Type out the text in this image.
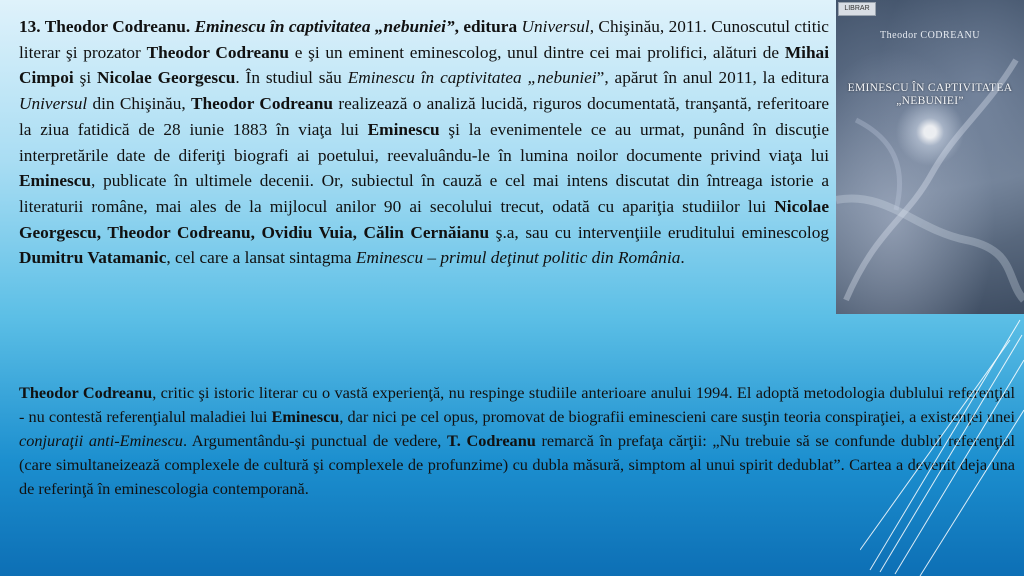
13. Theodor Codreanu. Eminescu în captivitatea „nebuniei”, editura Universul, Chişinău, 2011. Cunoscutul ctitic literar şi prozator Theodor Codreanu e şi un eminent eminescolog, unul dintre cei mai prolifici, alături de Mihai Cimpoi şi Nicolae Georgescu. În studiul său Eminescu în captivitatea „nebuniei”, apărut în anul 2011, la editura Universul din Chişinău, Theodor Codreanu realizează o analiză lucidă, riguros documentată, tranşantă, referitoare la ziua fatidică de 28 iunie 1883 în viaţa lui Eminescu şi la evenimentele ce au urmat, punând în discuţie interpretările date de diferiţi biografi ai poetului, reevaluându-le în lumina noilor documente privind viaţa lui Eminescu, publicate în ultimele decenii. Or, subiectul în cauză e cel mai intens discutat din întreaga istorie a literaturii române, mai ales de la mijlocul anilor 90 ai secolului trecut, odată cu apariţia studiilor lui Nicolae Georgescu, Theodor Codreanu, Ovidiu Vuia, Călin Cernăianu ş.a, sau cu intervenţiile eruditului eminescolog Dumitru Vatamanic, cel care a lansat sintagma Eminescu – primul deţinut politic din România.

Theodor Codreanu, critic şi istoric literar cu o vastă experienţă, nu respinge studiile anterioare anului 1994. El adoptă metodologia dublului referenţial - nu contestă referenţialul maladiei lui Eminescu, dar nici pe cel opus, promovat de biografii eminescieni care susţin teoria conspiraţiei, a existenţei unei conjuraţii anti-Eminescu. Argumentându-şi punctual de vedere, T. Codreanu remarcă în prefaţa cărţii: „Nu trebuie să se confunde dublul referenţial (care simultaneizează complexele de cultură şi complexele de profunzime) cu dubla măsură, simptom al unui spirit dedublat”. Cartea a devenit deja una de referinţă în eminescologia contemporană.

LIBRAR
Theodor CODREANU
EMINESCU ÎN CAPTIVITATEA
„NEBUNIEI”
